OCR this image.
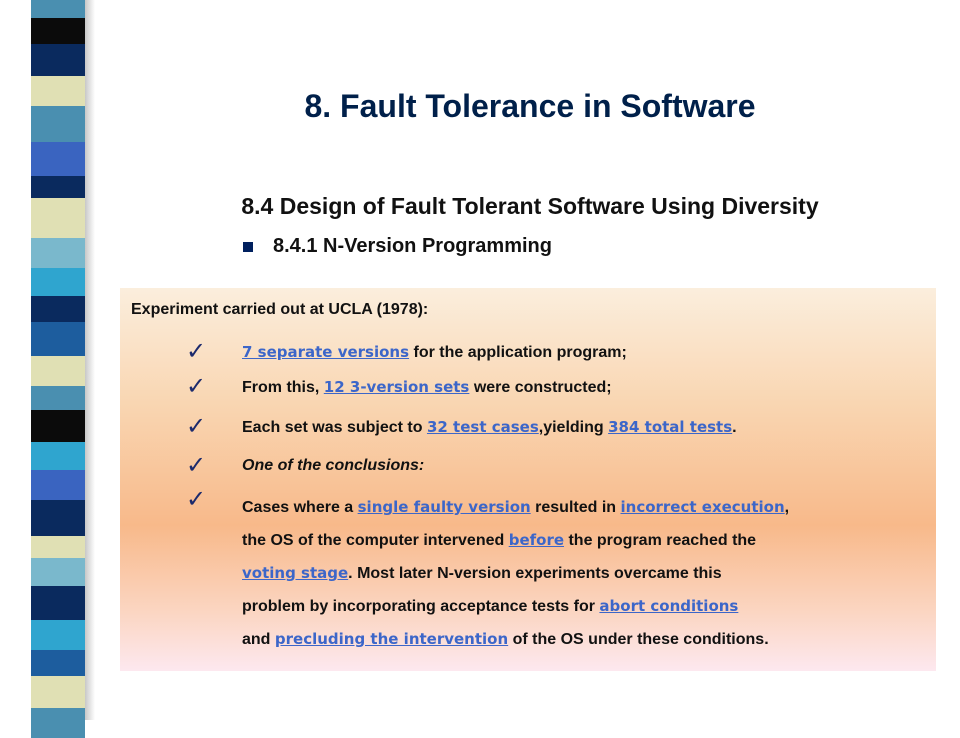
8. Fault Tolerance in Software
8.4 Design of Fault Tolerant Software Using Diversity
8.4.1 N-Version Programming
Experiment carried out at UCLA (1978):
✓ 7 separate versions for the application program;
✓ From this, 12 3-version sets were constructed;
✓ Each set was subject to 32 test cases,yielding 384 total tests.
✓ One of the conclusions:
✓ Cases where a single faulty version resulted in incorrect execution,
the OS of the computer intervened before the program reached the
voting stage. Most later N-version experiments overcame this
problem by incorporating acceptance tests for abort conditions
and precluding the intervention of the OS under these conditions.
